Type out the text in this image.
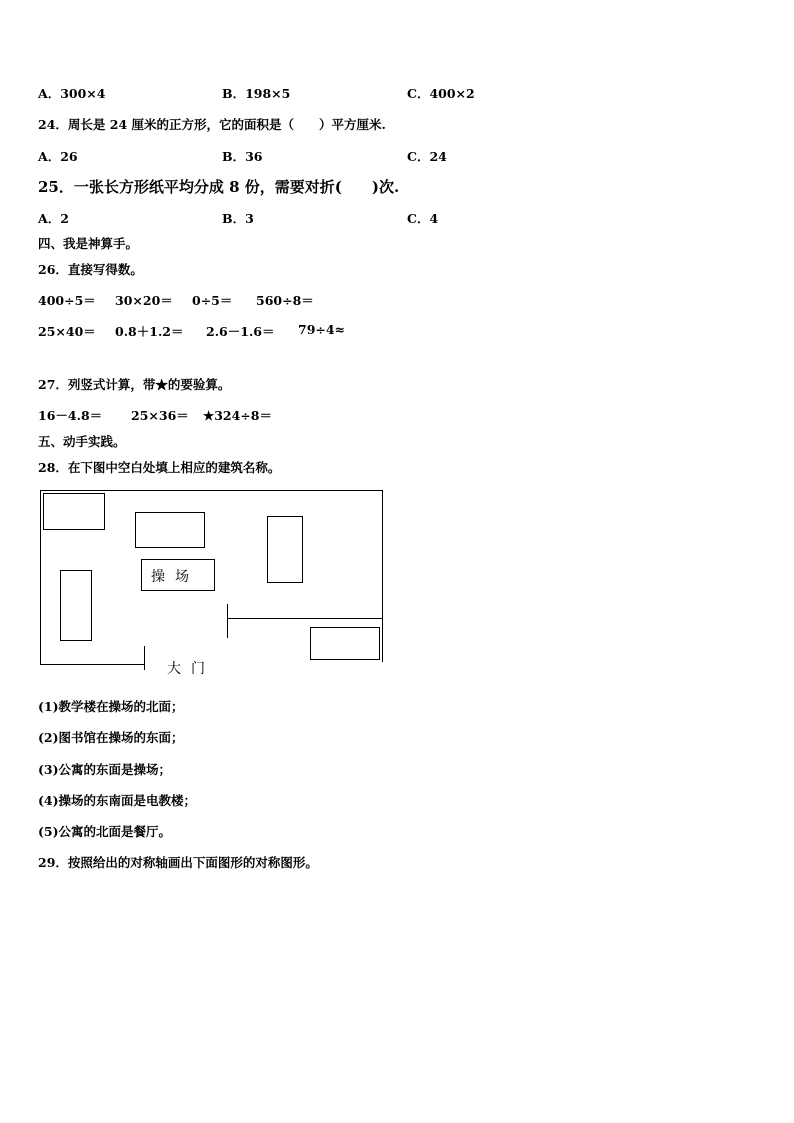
A．300×4	B．198×5	C．400×2
24．周长是 24 厘米的正方形，它的面积是（　　）平方厘米.
A．26	B．36	C．24
25．一张长方形纸平均分成 8 份，需要对折(　　)次.
A．2	B．3	C．4
四、我是神算手。
26．直接写得数。
400÷5＝ 30×20＝ 0÷5＝ 560÷8＝
25×40＝ 0.8＋1.2＝ 2.6－1.6＝ 79÷4≈
27．列竖式计算，带★的要验算。
16－4.8＝ 25×36＝ ★324÷8＝
五、动手实践。
28．在下图中空白处填上相应的建筑名称。
操场
大门
(1)教学楼在操场的北面；
(2)图书馆在操场的东面；
(3)公寓的东面是操场；
(4)操场的东南面是电教楼；
(5)公寓的北面是餐厅。
29．按照给出的对称轴画出下面图形的对称图形。
